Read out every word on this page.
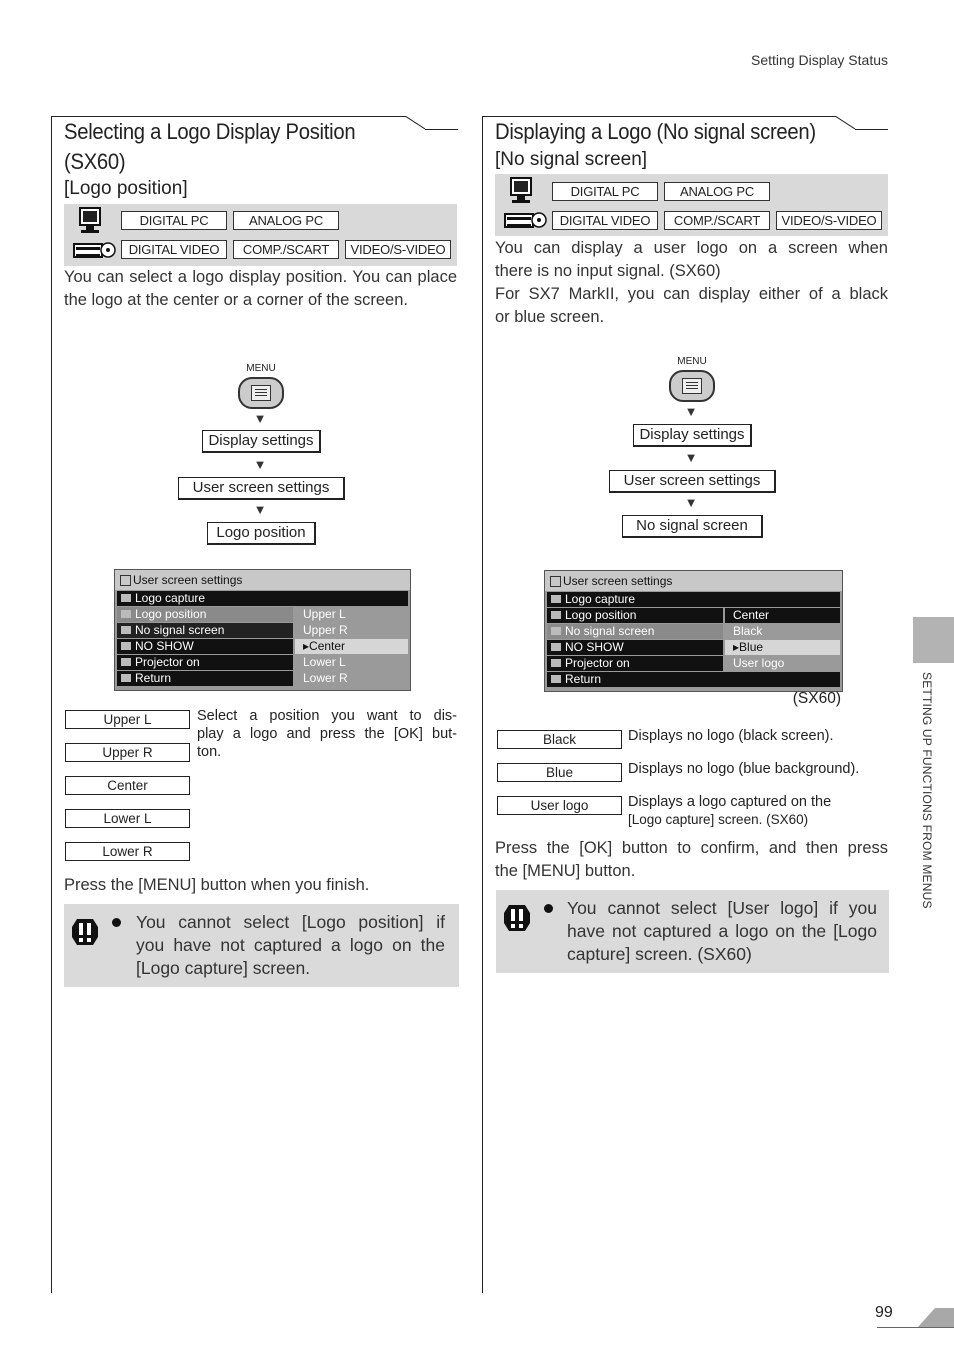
Setting Display Status
Selecting a Logo Display Position
(SX60)
[Logo position]
DIGITAL PC	ANALOG PC
DIGITAL VIDEO	COMP./SCART	VIDEO/S-VIDEO
You can select a logo display position. You can place the logo at the center or a corner of the screen.
MENU
▼
Display settings
▼
User screen settings
▼
Logo position
User screen settings
Logo capture
Logo position
No signal screen
NO SHOW
Projector on
Return
Upper L
Upper R
▸Center
Lower L
Lower R
Upper L
Upper R
Center
Lower L
Lower R
Select a position you want to dis-
play a logo and press the [OK] but-
ton.
Press the [MENU] button when you finish.
You cannot select [Logo position] if
you have not captured a logo on the
[Logo capture] screen.
Displaying a Logo (No signal screen)
[No signal screen]
DIGITAL PC	ANALOG PC
DIGITAL VIDEO	COMP./SCART	VIDEO/S-VIDEO
You can display a user logo on a screen when
there is no input signal. (SX60)
For SX7 MarkII, you can display either of a black
or blue screen.
MENU
▼
Display settings
▼
User screen settings
▼
No signal screen
User screen settings
Logo capture
Logo position
No signal screen
NO SHOW
Projector on
Return
Center
Black
▸Blue
User logo
(SX60)
Black	Displays no logo (black screen).
Blue	Displays no logo (blue background).
User logo	Displays a logo captured on the
[Logo capture] screen. (SX60)
Press the [OK] button to confirm, and then press
the [MENU] button.
You cannot select [User logo] if you
have not captured a logo on the [Logo
capture] screen. (SX60)
SETTING UP FUNCTIONS FROM MENUS
99
